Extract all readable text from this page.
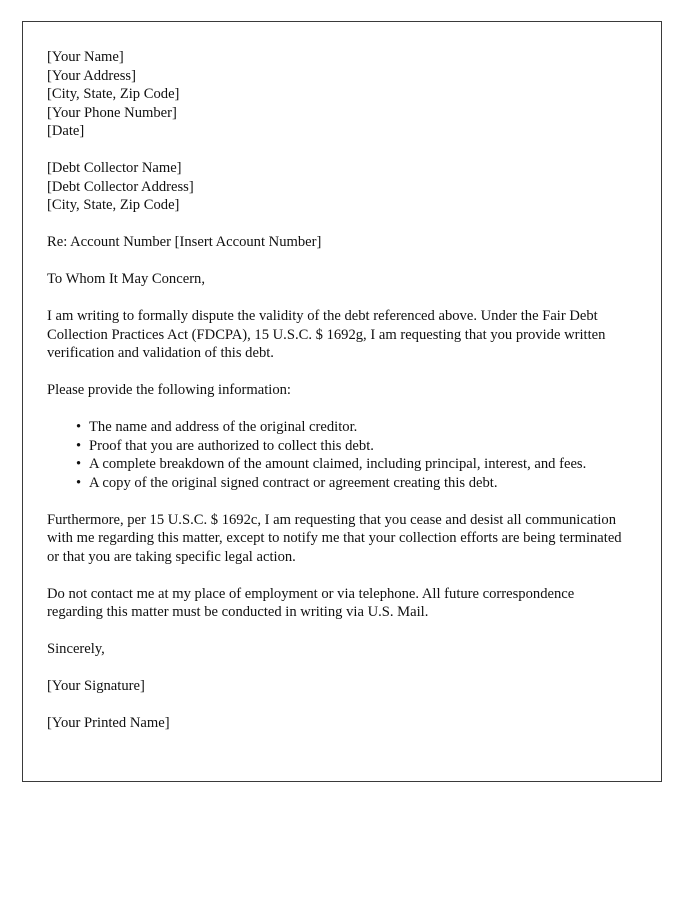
[Your Name]
[Your Address]
[City, State, Zip Code]
[Your Phone Number]
[Date]
[Debt Collector Name]
[Debt Collector Address]
[City, State, Zip Code]

Re: Account Number [Insert Account Number]

To Whom It May Concern,

I am writing to formally dispute the validity of the debt referenced above. Under the Fair Debt Collection Practices Act (FDCPA), 15 U.S.C. $ 1692g, I am requesting that you provide written verification and validation of this debt.

Please provide the following information:

• The name and address of the original creditor.
• Proof that you are authorized to collect this debt.
• A complete breakdown of the amount claimed, including principal, interest, and fees.
• A copy of the original signed contract or agreement creating this debt.

Furthermore, per 15 U.S.C. $ 1692c, I am requesting that you cease and desist all communication with me regarding this matter, except to notify me that your collection efforts are being terminated or that you are taking specific legal action.

Do not contact me at my place of employment or via telephone. All future correspondence regarding this matter must be conducted in writing via U.S. Mail.

Sincerely,

[Your Signature]

[Your Printed Name]
